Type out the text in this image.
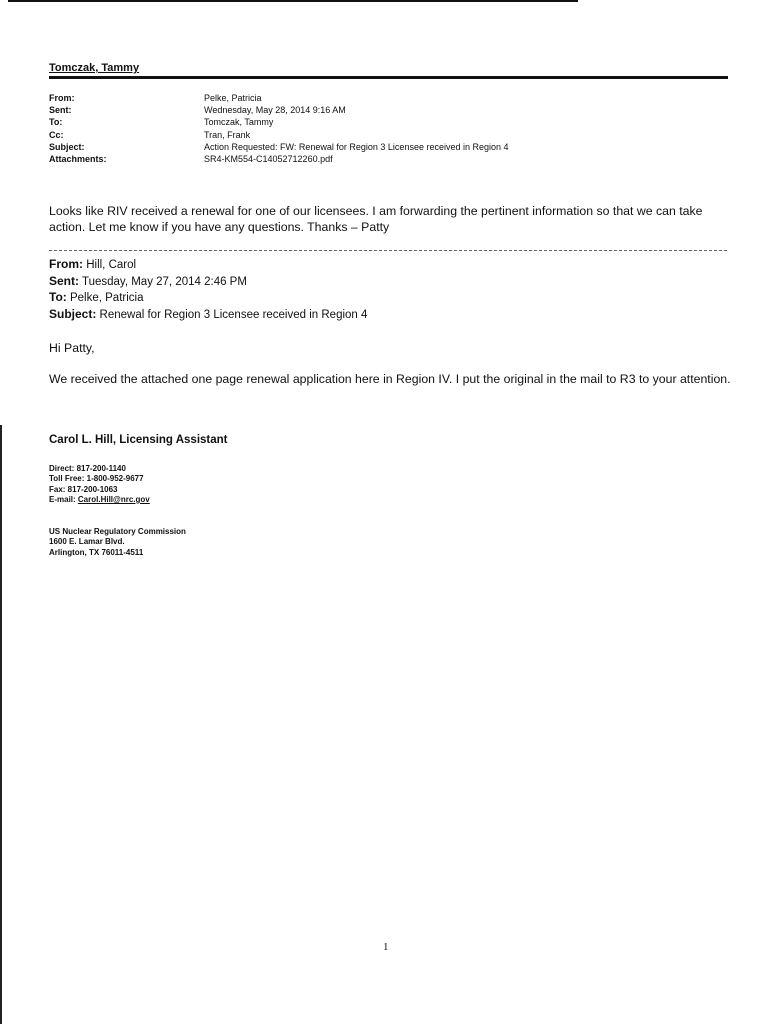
Tomczak, Tammy
From:	Pelke, Patricia
Sent:	Wednesday, May 28, 2014 9:16 AM
To:	Tomczak, Tammy
Cc:	Tran, Frank
Subject:	Action Requested: FW: Renewal for Region 3 Licensee received in Region 4
Attachments:	SR4-KM554-C14052712260.pdf
Looks like RIV received a renewal for one of our licensees. I am forwarding the pertinent information so that we can take action. Let me know if you have any questions. Thanks – Patty
From: Hill, Carol
Sent: Tuesday, May 27, 2014 2:46 PM
To: Pelke, Patricia
Subject: Renewal for Region 3 Licensee received in Region 4
Hi Patty,
We received the attached one page renewal application here in Region IV. I put the original in the mail to R3 to your attention.
Carol L. Hill, Licensing Assistant
Direct: 817-200-1140
Toll Free: 1-800-952-9677
Fax: 817-200-1063
E-mail: Carol.Hill@nrc.gov
US Nuclear Regulatory Commission
1600 E. Lamar Blvd.
Arlington, TX 76011-4511
1
